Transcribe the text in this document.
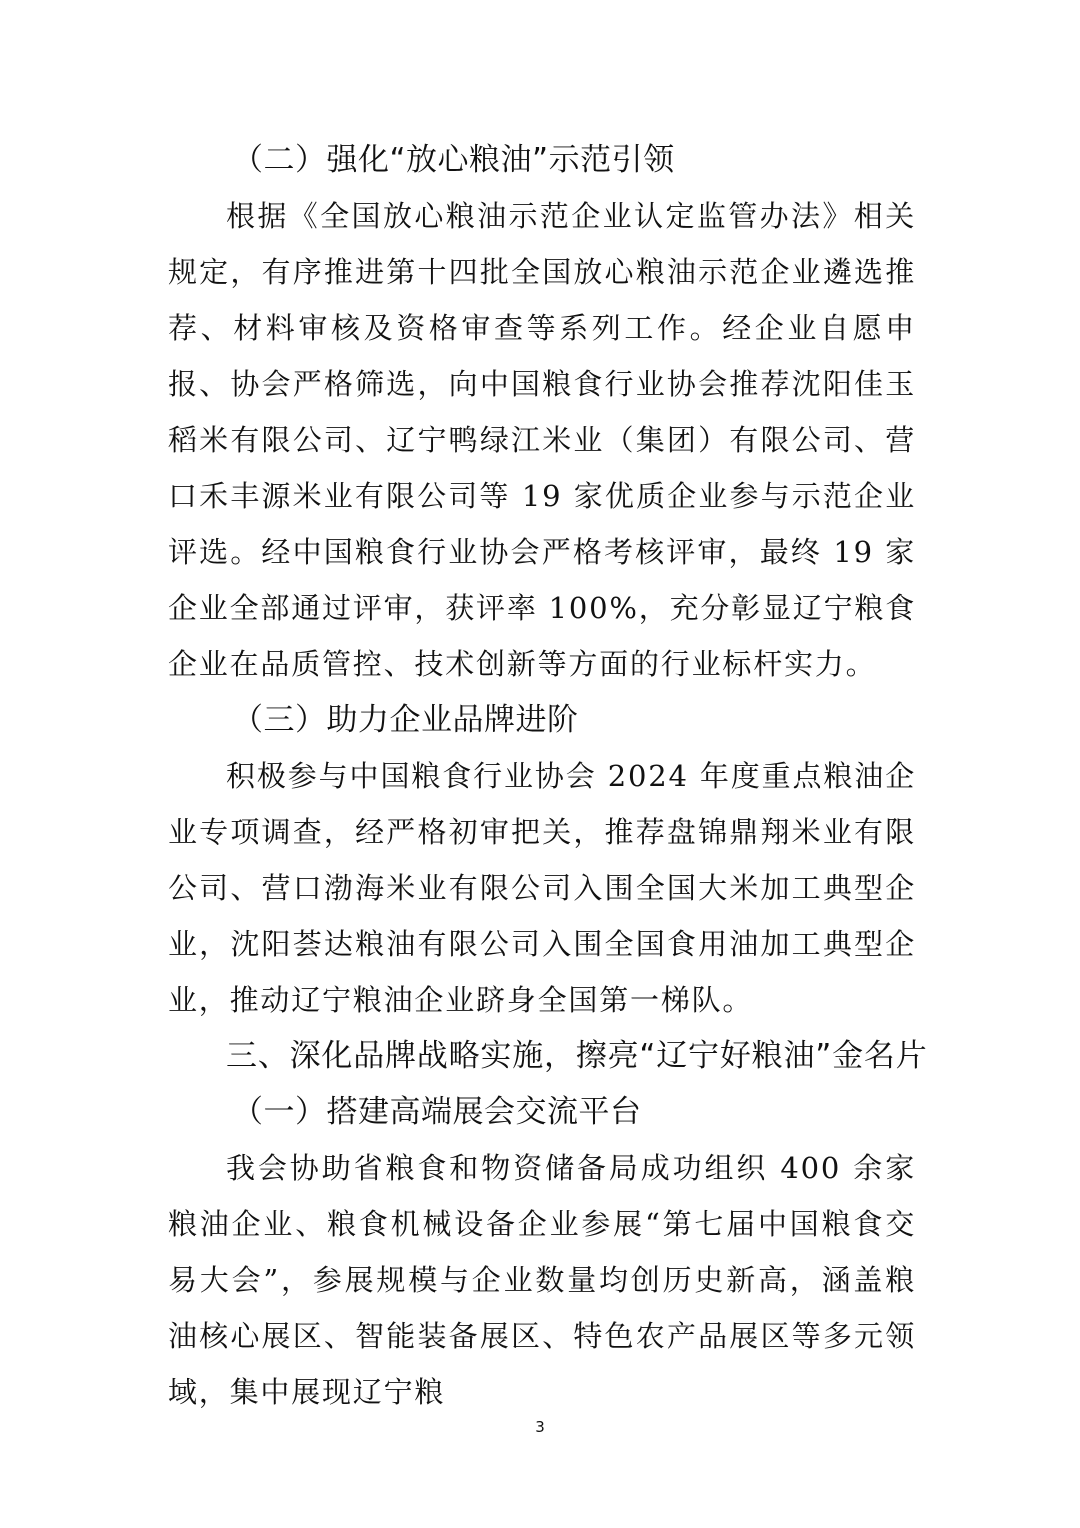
（二）强化“放心粮油”示范引领
根据《全国放心粮油示范企业认定监管办法》相关规定，有序推进第十四批全国放心粮油示范企业遴选推荐、材料审核及资格审查等系列工作。经企业自愿申报、协会严格筛选，向中国粮食行业协会推荐沈阳佳玉稻米有限公司、辽宁鸭绿江米业（集团）有限公司、营口禾丰源米业有限公司等 19 家优质企业参与示范企业评选。经中国粮食行业协会严格考核评审，最终 19 家企业全部通过评审，获评率 100%，充分彰显辽宁粮食企业在品质管控、技术创新等方面的行业标杆实力。
（三）助力企业品牌进阶
积极参与中国粮食行业协会 2024 年度重点粮油企业专项调查，经严格初审把关，推荐盘锦鼎翔米业有限公司、营口渤海米业有限公司入围全国大米加工典型企业，沈阳荟达粮油有限公司入围全国食用油加工典型企业，推动辽宁粮油企业跻身全国第一梯队。
三、深化品牌战略实施，擦亮“辽宁好粮油”金名片
（一）搭建高端展会交流平台
我会协助省粮食和物资储备局成功组织 400 余家粮油企业、粮食机械设备企业参展“第七届中国粮食交易大会”，参展规模与企业数量均创历史新高，涵盖粮油核心展区、智能装备展区、特色农产品展区等多元领域，集中展现辽宁粮
3
